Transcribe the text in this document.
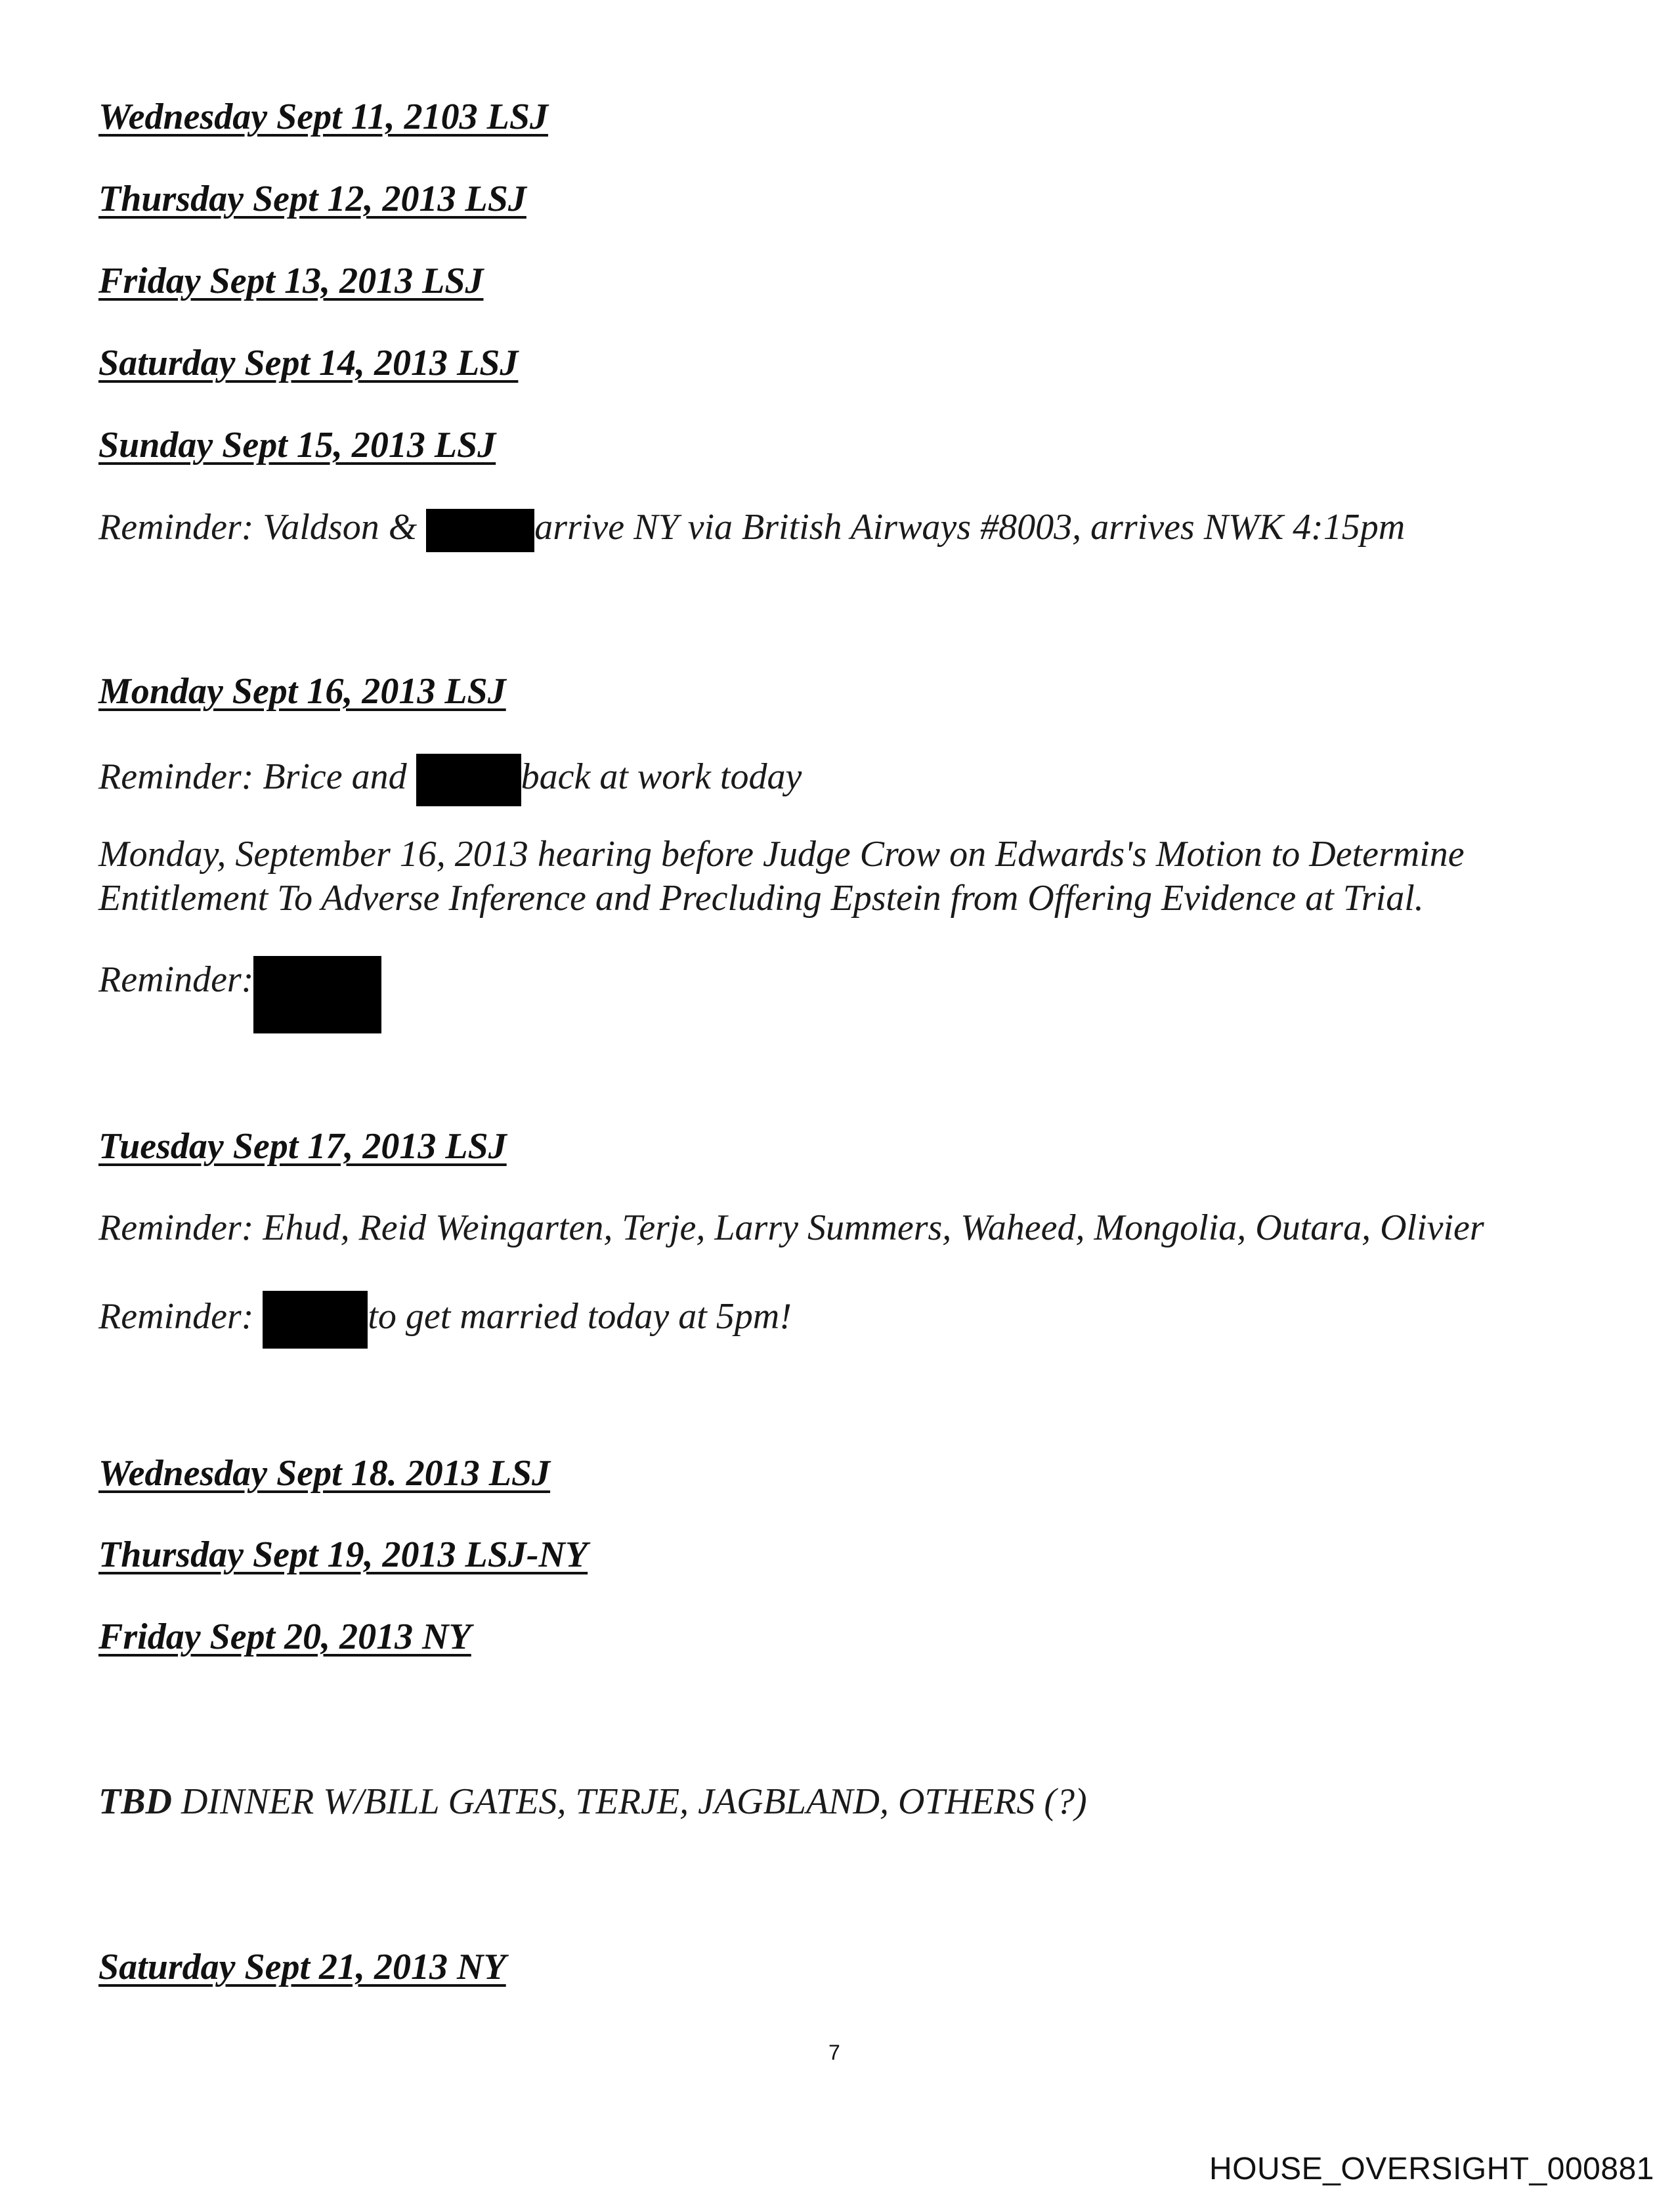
Wednesday Sept 11, 2103 LSJ
Thursday Sept 12, 2013 LSJ
Friday Sept 13, 2013 LSJ
Saturday Sept 14, 2013 LSJ
Sunday Sept 15, 2013 LSJ
Reminder: Valdson &	arrive NY via British Airways #8003, arrives NWK 4:15pm
Monday Sept 16, 2013 LSJ
Reminder: Brice and	back at work today
Monday, September 16, 2013 hearing before Judge Crow on Edwards's Motion to Determine
Entitlement To Adverse Inference and Precluding Epstein from Offering Evidence at Trial.
Reminder:
Tuesday Sept 17, 2013 LSJ
Reminder: Ehud, Reid Weingarten, Terje, Larry Summers, Waheed, Mongolia, Outara, Olivier
Reminder:	to get married today at 5pm!
Wednesday Sept 18. 2013 LSJ
Thursday Sept 19, 2013 LSJ-NY
Friday Sept 20, 2013 NY
TBD DINNER W/BILL GATES, TERJE, JAGBLAND, OTHERS (?)
Saturday Sept 21, 2013 NY
7
HOUSE_OVERSIGHT_000881
